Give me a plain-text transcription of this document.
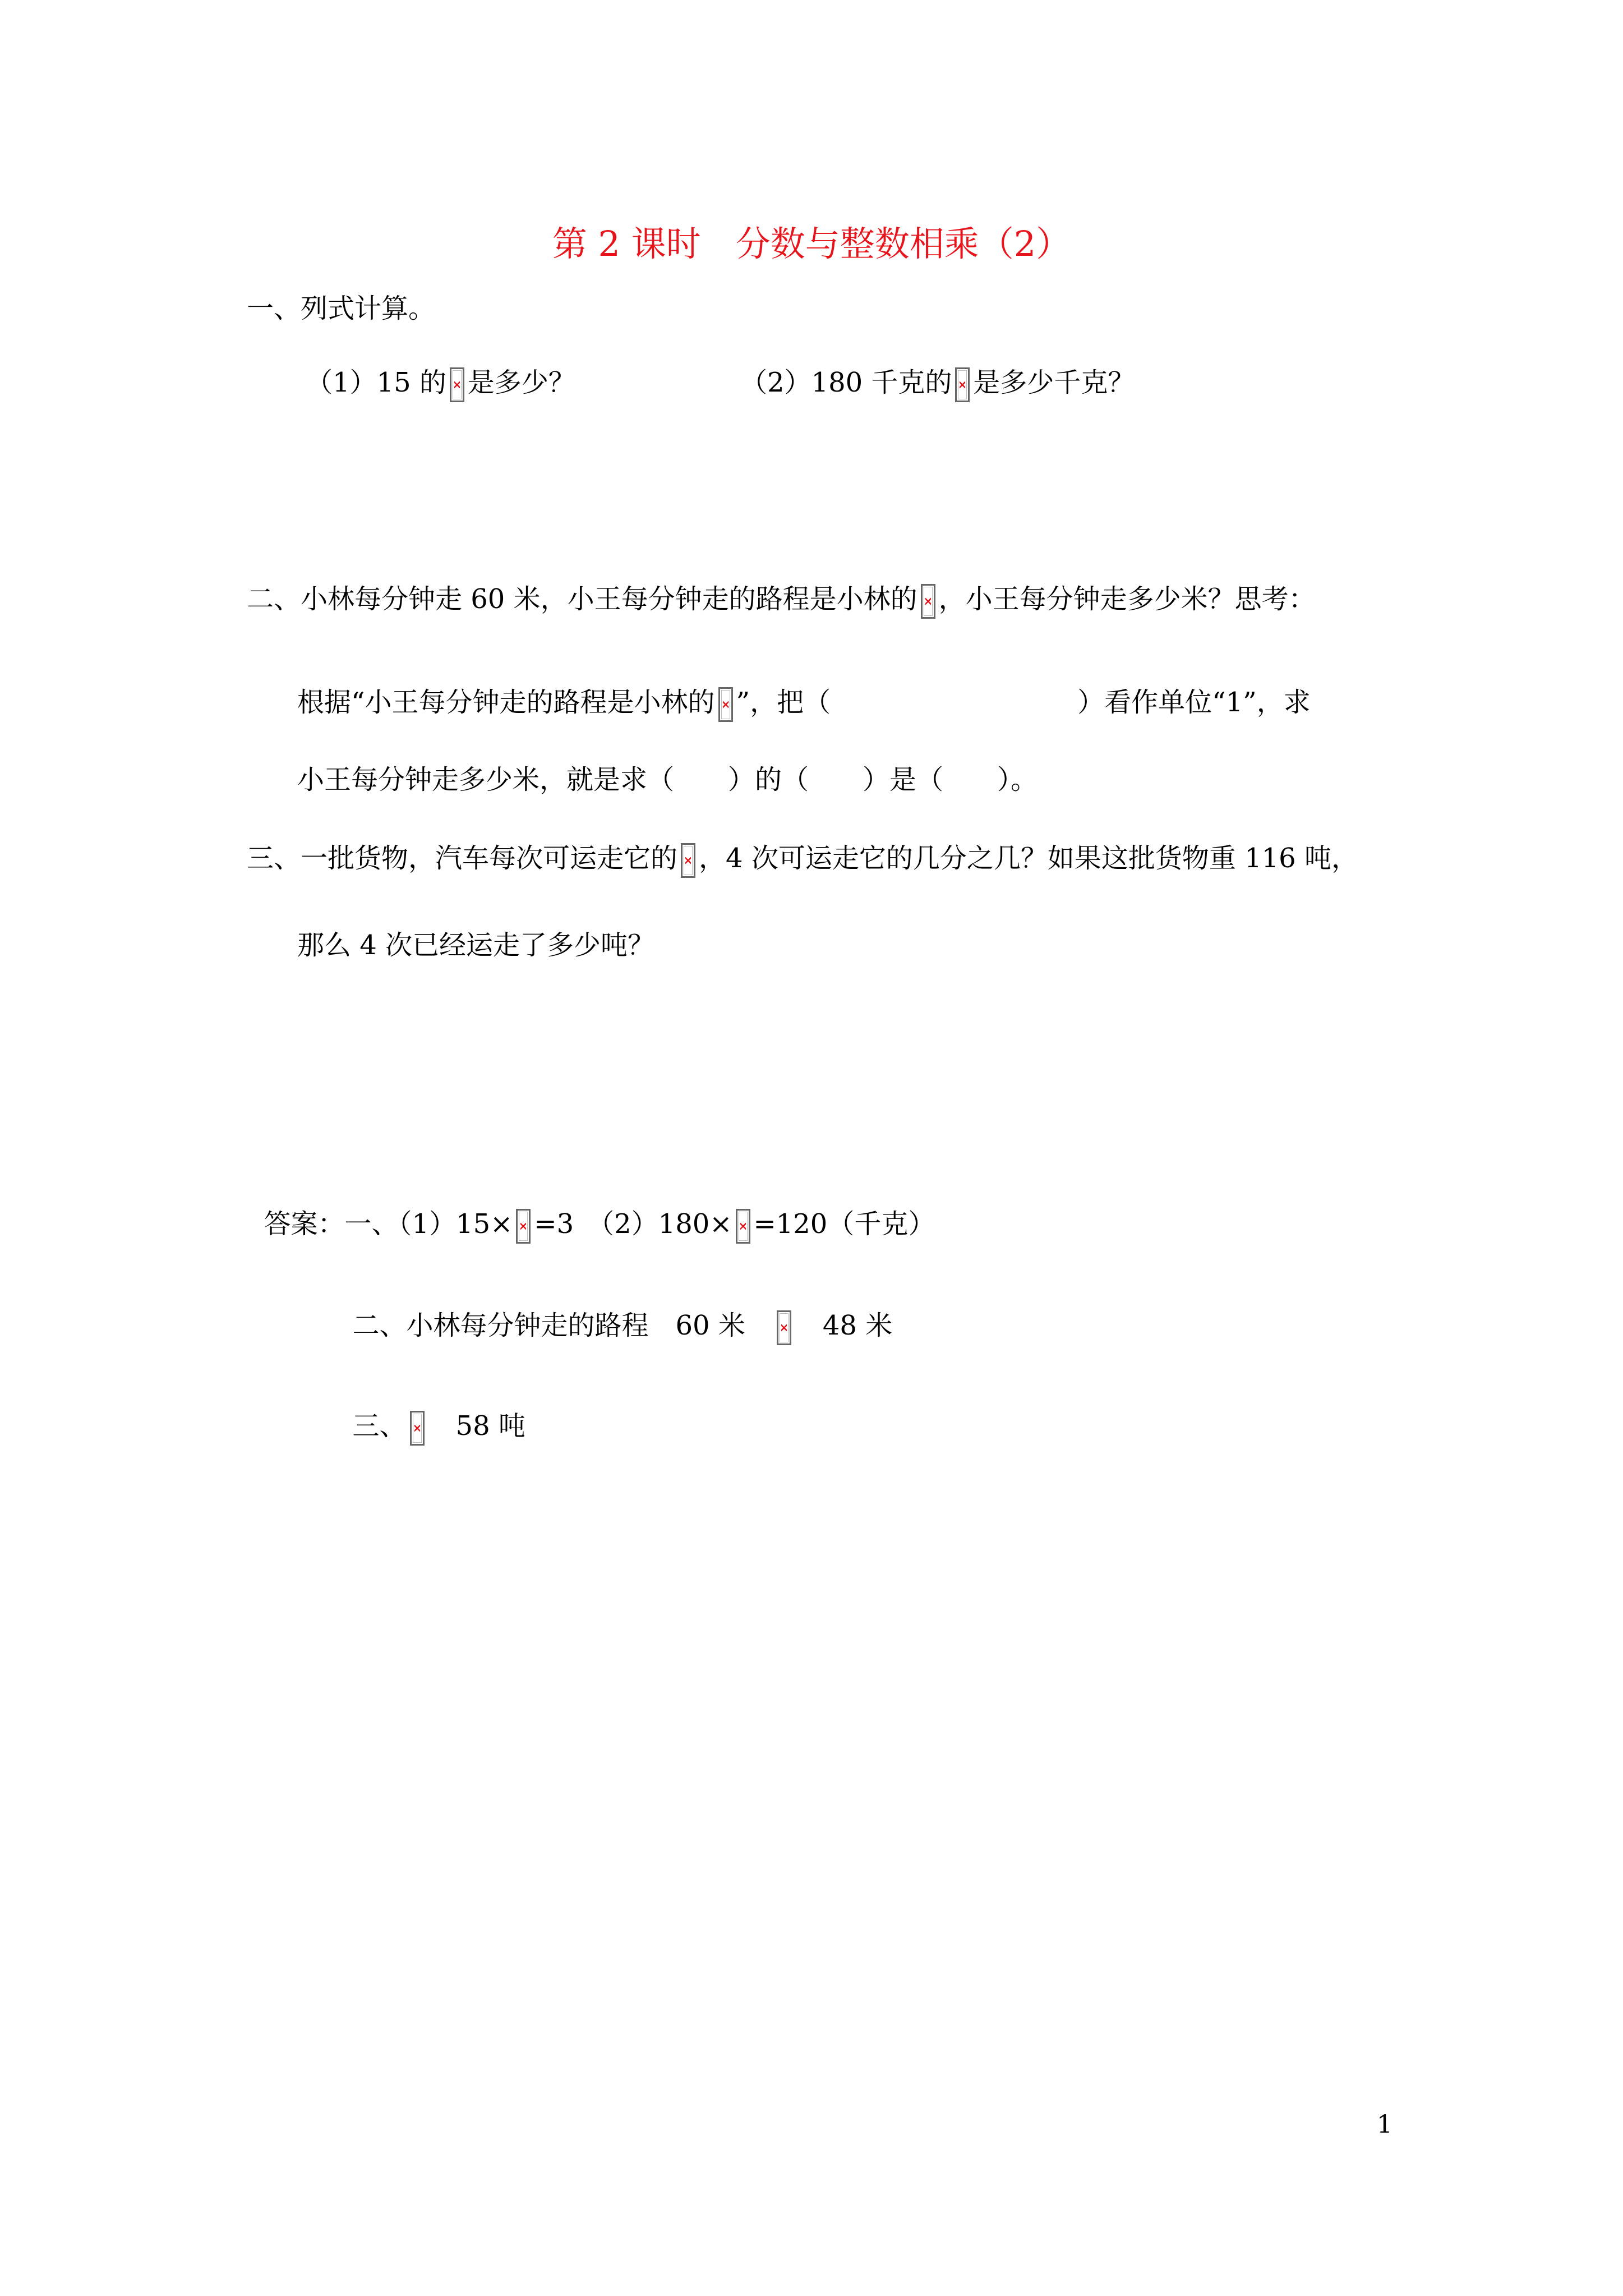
第 2 课时　分数与整数相乘（2）
一、列式计算。
（1）15 的 是多少？	（2）180 千克的 是多少千克？
二、小林每分钟走 60 米，小王每分钟走的路程是小林的 ，小王每分钟走多少米？思考：
根据“小王每分钟走的路程是小林的 ”，把（	）看作单位“1”，求
小王每分钟走多少米，就是求（　　）的（　　）是（　　）。
三、一批货物，汽车每次可运走它的 ，4 次可运走它的几分之几？如果这批货物重 116 吨，
那么 4 次已经运走了多少吨？

答案：一、（1）15× =3　（2）180× =120（千克）

二、小林每分钟走的路程　60 米	48 米

三、 58 吨

1
